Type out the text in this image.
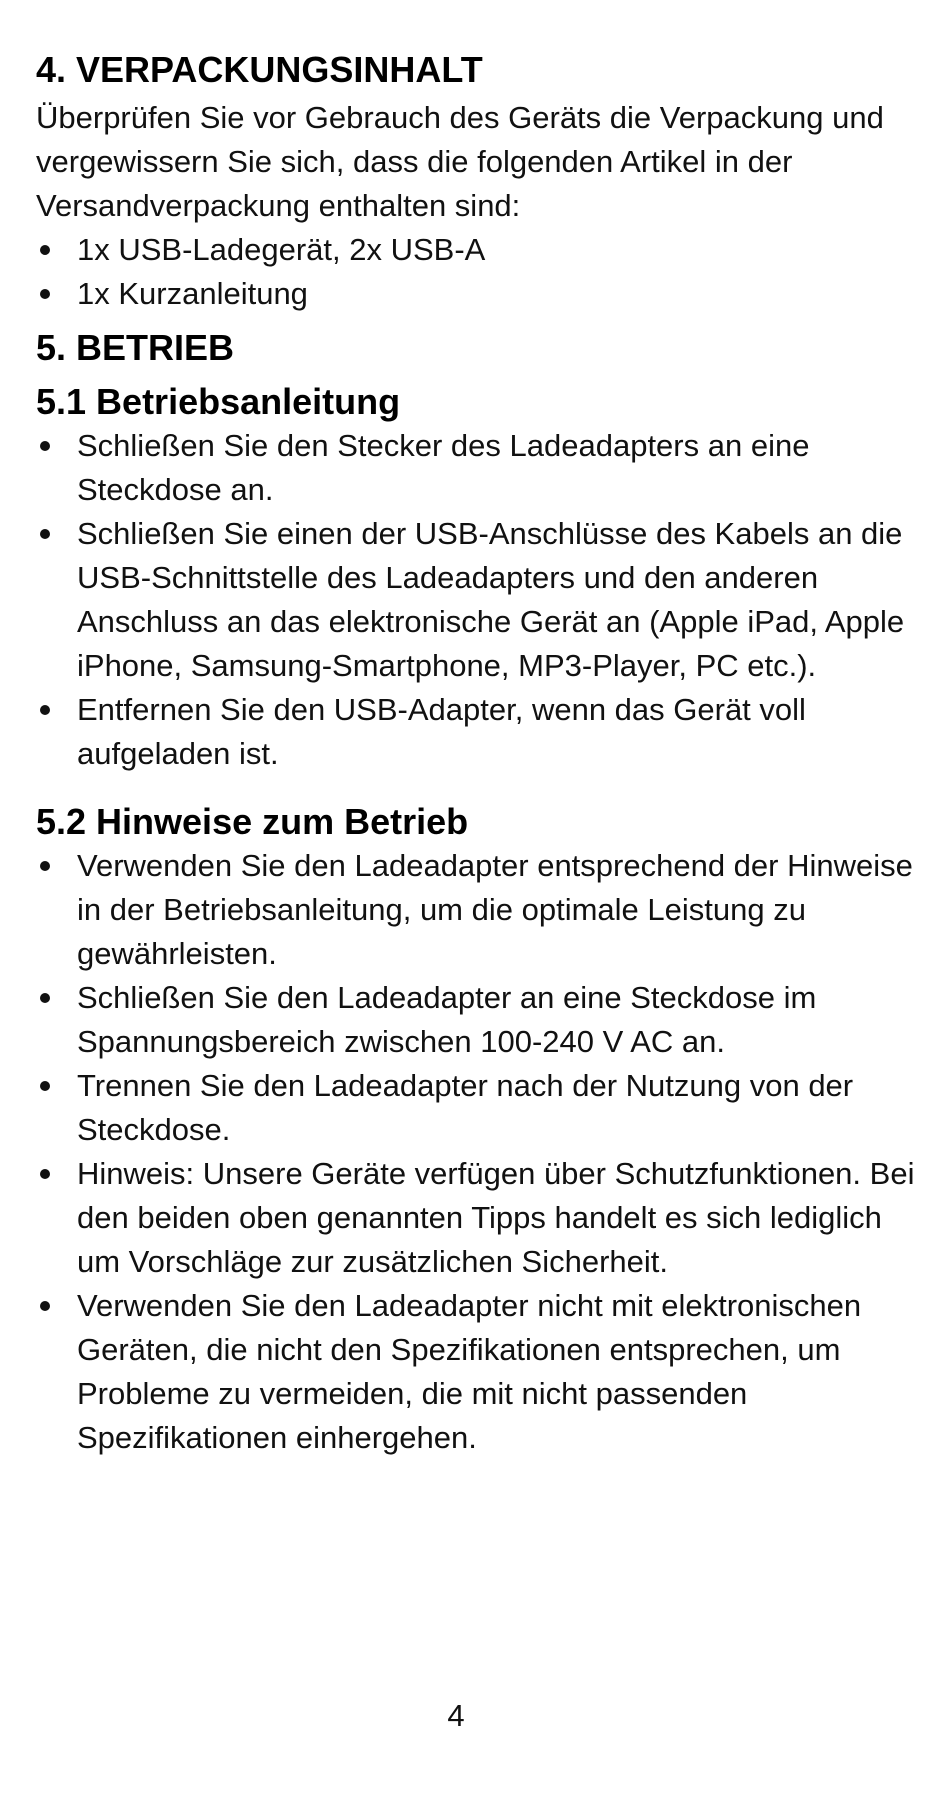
4. VERPACKUNGSINHALT

Überprüfen Sie vor Gebrauch des Geräts die Verpackung und vergewissern Sie sich, dass die folgenden Artikel in der Versandverpackung enthalten sind:

1x USB-Ladegerät, 2x USB-A
1x Kurzanleitung
5. BETRIEB
5.1 Betriebsanleitung
Schließen Sie den Stecker des Ladeadapters an eine Steckdose an.
Schließen Sie einen der USB-Anschlüsse des Kabels an die USB-Schnittstelle des Ladeadapters und den anderen Anschluss an das elektronische Gerät an (Apple iPad, Apple iPhone, Samsung-Smartphone, MP3-Player, PC etc.).
Entfernen Sie den USB-Adapter, wenn das Gerät voll aufgeladen ist.
5.2 Hinweise zum Betrieb
Verwenden Sie den Ladeadapter entsprechend der Hinweise in der Betriebsanleitung, um die optimale Leistung zu gewährleisten.
Schließen Sie den Ladeadapter an eine Steckdose im Spannungsbereich zwischen 100-240 V AC an.
Trennen Sie den Ladeadapter nach der Nutzung von der Steckdose.
Hinweis: Unsere Geräte verfügen über Schutzfunktionen. Bei den beiden oben genannten Tipps handelt es sich lediglich um Vorschläge zur zusätzlichen Sicherheit.
Verwenden Sie den Ladeadapter nicht mit elektronischen Geräten, die nicht den Spezifikationen entsprechen, um Probleme zu vermeiden, die mit nicht passenden Spezifikationen einhergehen.
4
